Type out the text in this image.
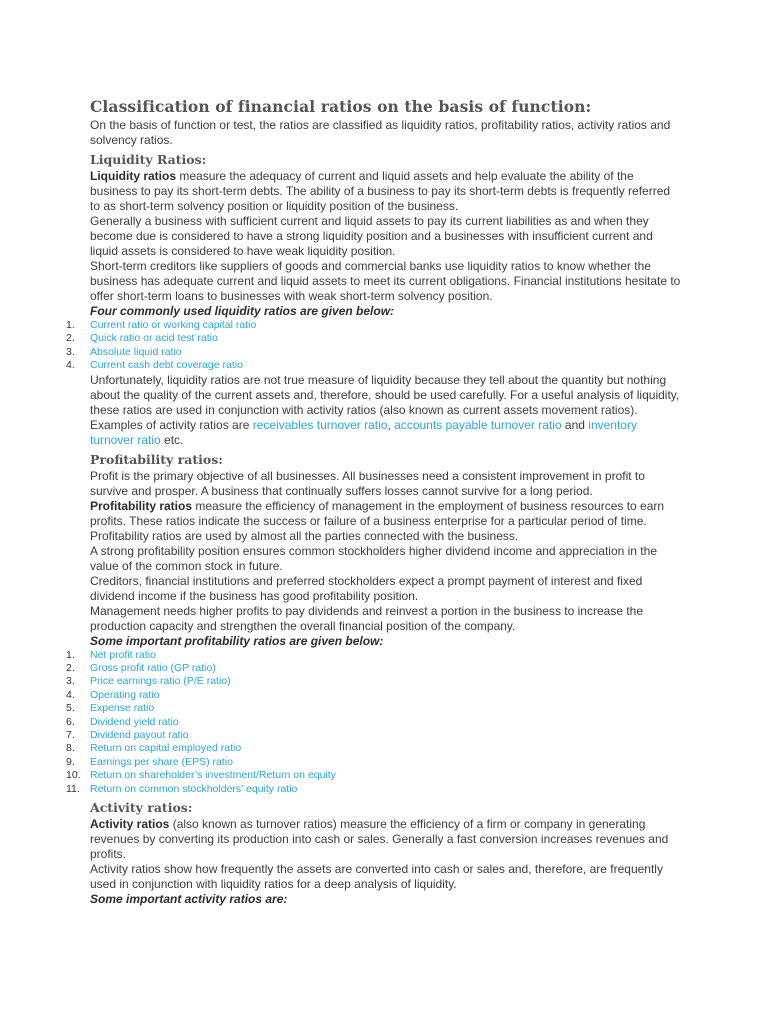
Classification of financial ratios on the basis of function:

On the basis of function or test, the ratios are classified as liquidity ratios, profitability ratios, activity ratios and solvency ratios.

Liquidity Ratios:

Liquidity ratios measure the adequacy of current and liquid assets and help evaluate the ability of the business to pay its short-term debts. The ability of a business to pay its short-term debts is frequently referred to as short-term solvency position or liquidity position of the business.

Generally a business with sufficient current and liquid assets to pay its current liabilities as and when they become due is considered to have a strong liquidity position and a businesses with insufficient current and liquid assets is considered to have weak liquidity position.

Short-term creditors like suppliers of goods and commercial banks use liquidity ratios to know whether the business has adequate current and liquid assets to meet its current obligations. Financial institutions hesitate to offer short-term loans to businesses with weak short-term solvency position.

Four commonly used liquidity ratios are given below:

1.	Current ratio or working capital ratio
2.	Quick ratio or acid test ratio
3.	Absolute liquid ratio
4.	Current cash debt coverage ratio

Unfortunately, liquidity ratios are not true measure of liquidity because they tell about the quantity but nothing about the quality of the current assets and, therefore, should be used carefully. For a useful analysis of liquidity, these ratios are used in conjunction with activity ratios (also known as current assets movement ratios). Examples of activity ratios are receivables turnover ratio, accounts payable turnover ratio and inventory turnover ratio etc.

Profitability ratios:

Profit is the primary objective of all businesses. All businesses need a consistent improvement in profit to survive and prosper. A business that continually suffers losses cannot survive for a long period.

Profitability ratios measure the efficiency of management in the employment of business resources to earn profits. These ratios indicate the success or failure of a business enterprise for a particular period of time.

Profitability ratios are used by almost all the parties connected with the business.

A strong profitability position ensures common stockholders higher dividend income and appreciation in the value of the common stock in future.

Creditors, financial institutions and preferred stockholders expect a prompt payment of interest and fixed dividend income if the business has good profitability position.

Management needs higher profits to pay dividends and reinvest a portion in the business to increase the production capacity and strengthen the overall financial position of the company.

Some important profitability ratios are given below:

1.	Net profit ratio
2.	Gross profit ratio (GP ratio)
3.	Price earnings ratio (P/E ratio)
4.	Operating ratio
5.	Expense ratio
6.	Dividend yield ratio
7.	Dividend payout ratio
8.	Return on capital employed ratio
9.	Earnings per share (EPS) ratio
10. Return on shareholder’s investment/Return on equity
11. Return on common stockholders’ equity ratio
Activity ratios:

Activity ratios (also known as turnover ratios) measure the efficiency of a firm or company in generating revenues by converting its production into cash or sales. Generally a fast conversion increases revenues and profits.

Activity ratios show how frequently the assets are converted into cash or sales and, therefore, are frequently used in conjunction with liquidity ratios for a deep analysis of liquidity.

Some important activity ratios are:
